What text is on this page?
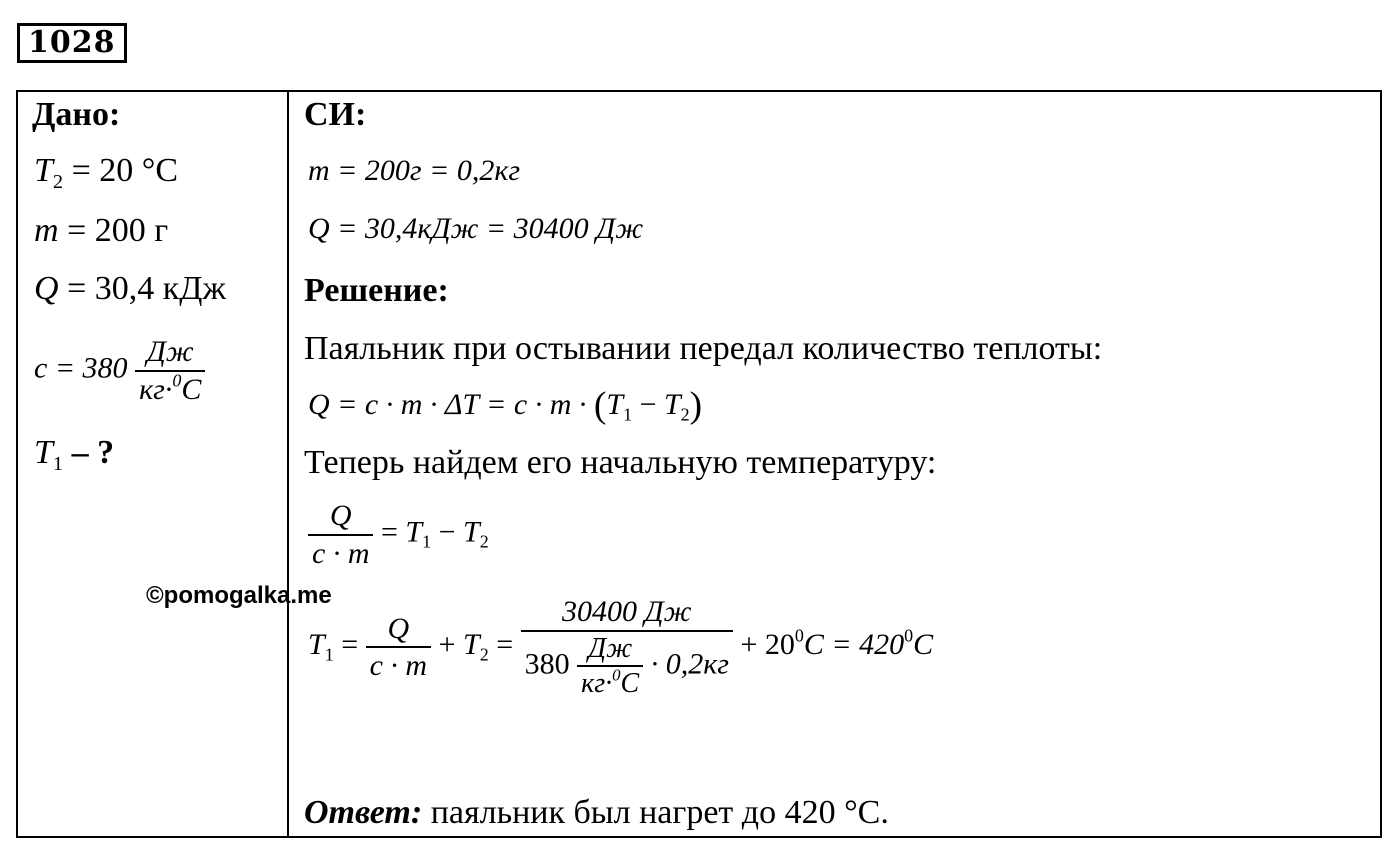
1028
Дано:
$T_2 = 20$ °C
m = 200 г
Q = 30,4 кДж
$c = 380 \frac{Дж}{кг\cdot^0C}$
$T_1$ – ?
СИ:
m = 200г = 0,2кг
Q = 30,4кДж = 30400 Дж
Решение:
Паяльник при остывании передал количество теплоты:
$Q = c \cdot m \cdot \Delta T = c \cdot m \cdot (T_1 - T_2)$
Теперь найдем его начальную температуру:
$\frac{Q}{c \cdot m} = T_1 - T_2$
$T_1 = \frac{Q}{c \cdot m} + T_2 = \frac{30400 Дж}{380 \frac{Дж}{кг\cdot^0C} \cdot 0,2кг} + 20^0C = 420^0C$
Ответ: паяльник был нагрет до 420 °С.
©pomogalka.me
